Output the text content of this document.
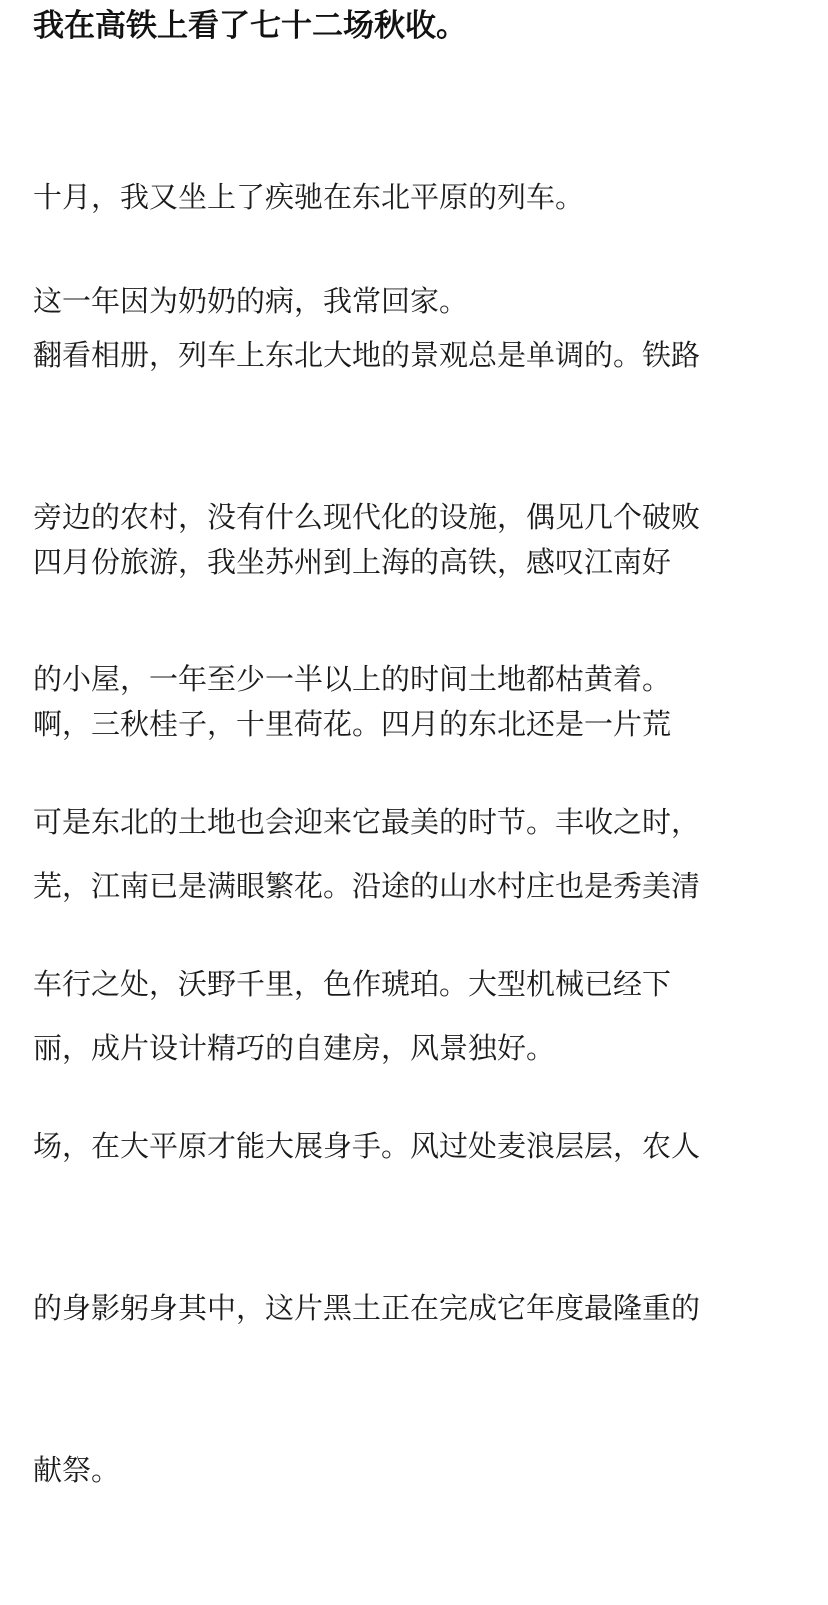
我在高铁上看了七十二场秋收。

十月，我又坐上了疾驰在东北平原的列车。

这一年因为奶奶的病，我常回家。

翻看相册，列车上东北大地的景观总是单调的。铁路

旁边的农村，没有什么现代化的设施，偶见几个破败

的小屋，一年至少一半以上的时间土地都枯黄着。

四月份旅游，我坐苏州到上海的高铁，感叹江南好

啊，三秋桂子，十里荷花。四月的东北还是一片荒

芜，江南已是满眼繁花。沿途的山水村庄也是秀美清

丽，成片设计精巧的自建房，风景独好。

可是东北的土地也会迎来它最美的时节。丰收之时，

车行之处，沃野千里，色作琥珀。大型机械已经下

场，在大平原才能大展身手。风过处麦浪层层，农人

的身影躬身其中，这片黑土正在完成它年度最隆重的

献祭。
